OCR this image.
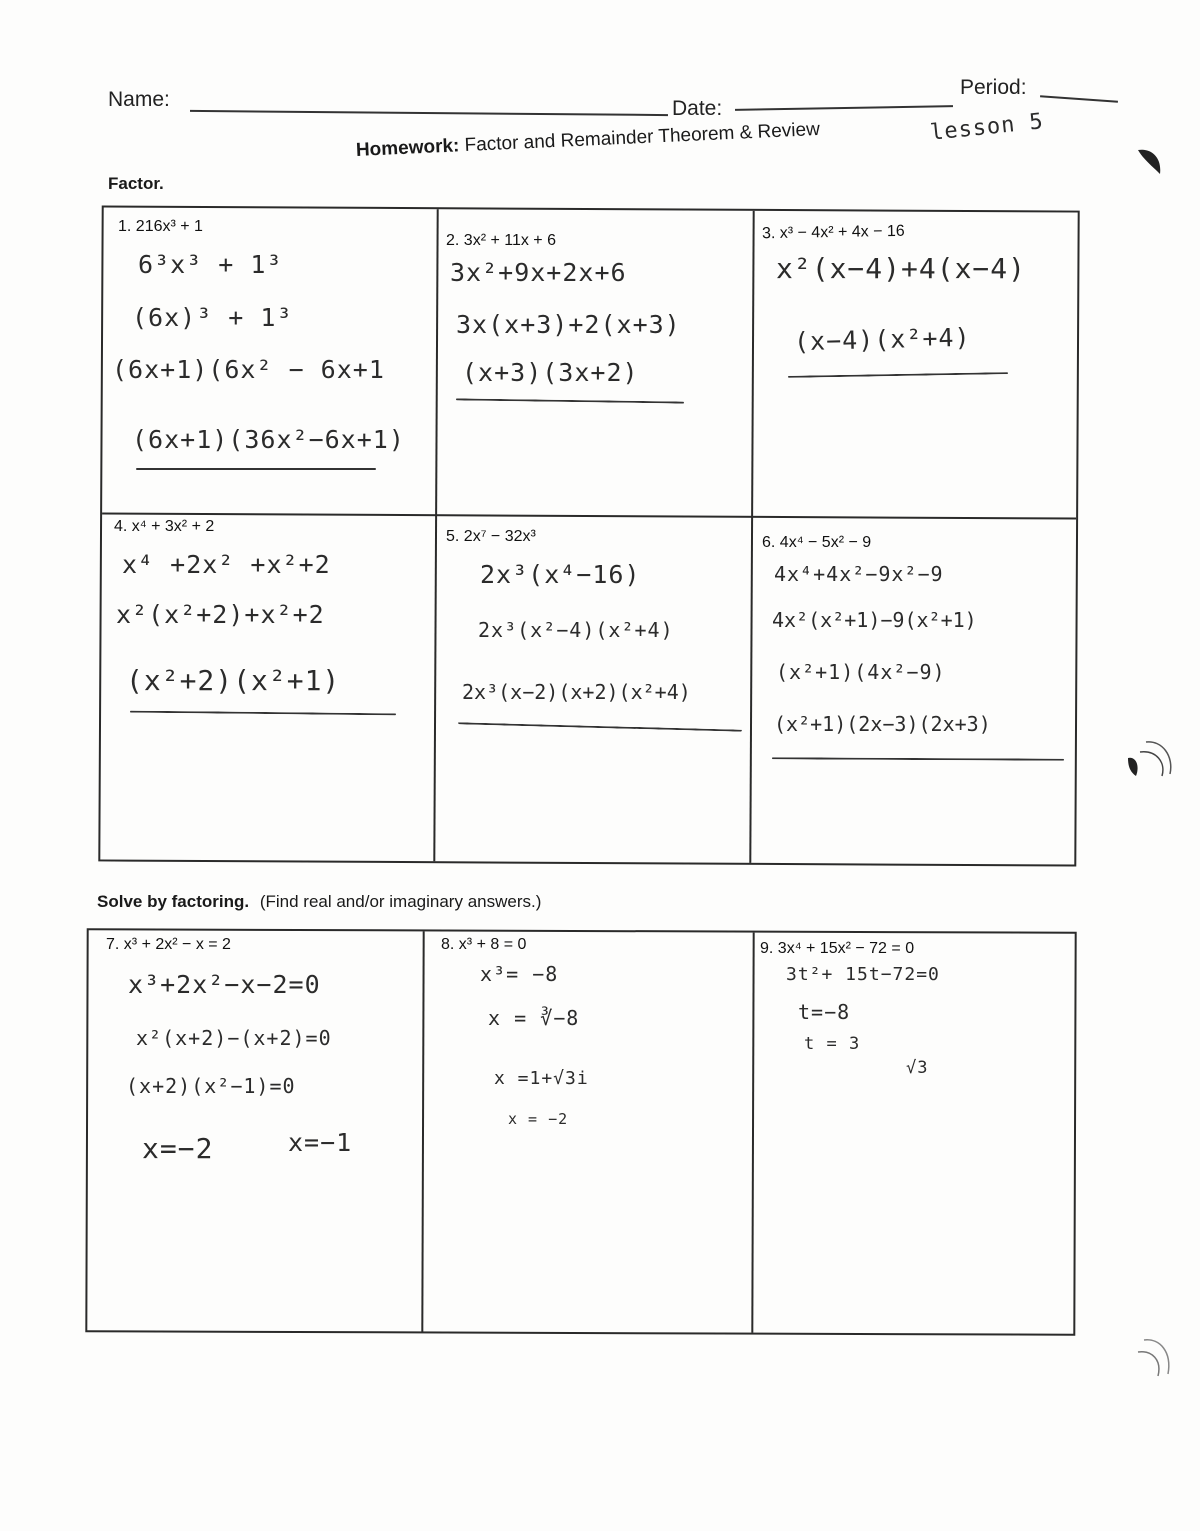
Name:	Date:
Period:
Homework: Factor and Remainder Theorem & Review	lesson 5
Factor.
1. 216x³ + 1
6³x³ + 1³
(6x)³ + 1³
(6x+1)(6x² − 6x+1
(6x+1)(36x²−6x+1)
2. 3x² + 11x + 6
3x²+9x+2x+6
3x(x+3)+2(x+3)
(x+3)(3x+2)
3. x³ − 4x² + 4x − 16
x²(x−4)+4(x−4)
(x−4)(x²+4)
4. x⁴ + 3x² + 2
x⁴ +2x² +x²+2
x²(x²+2)+x²+2
(x²+2)(x²+1)
5. 2x⁷ − 32x³
2x³(x⁴−16)
2x³(x²−4)(x²+4)
2x³(x−2)(x+2)(x²+4)
6. 4x⁴ − 5x² − 9
4x⁴+4x²−9x²−9
4x²(x²+1)−9(x²+1)
(x²+1)(4x²−9)
(x²+1)(2x−3)(2x+3)
Solve by factoring. (Find real and/or imaginary answers.)
7. x³ + 2x² − x = 2
x³+2x²−x−2=0
x²(x+2)−(x+2)=0
(x+2)(x²−1)=0
x=−2	x=−1
8. x³ + 8 = 0
x³= −8
x = ∛−8
x =1+√3i
x = −2
9. 3x⁴ + 15x² − 72 = 0
3t²+ 15t−72=0
t=−8
t = 3
√3
